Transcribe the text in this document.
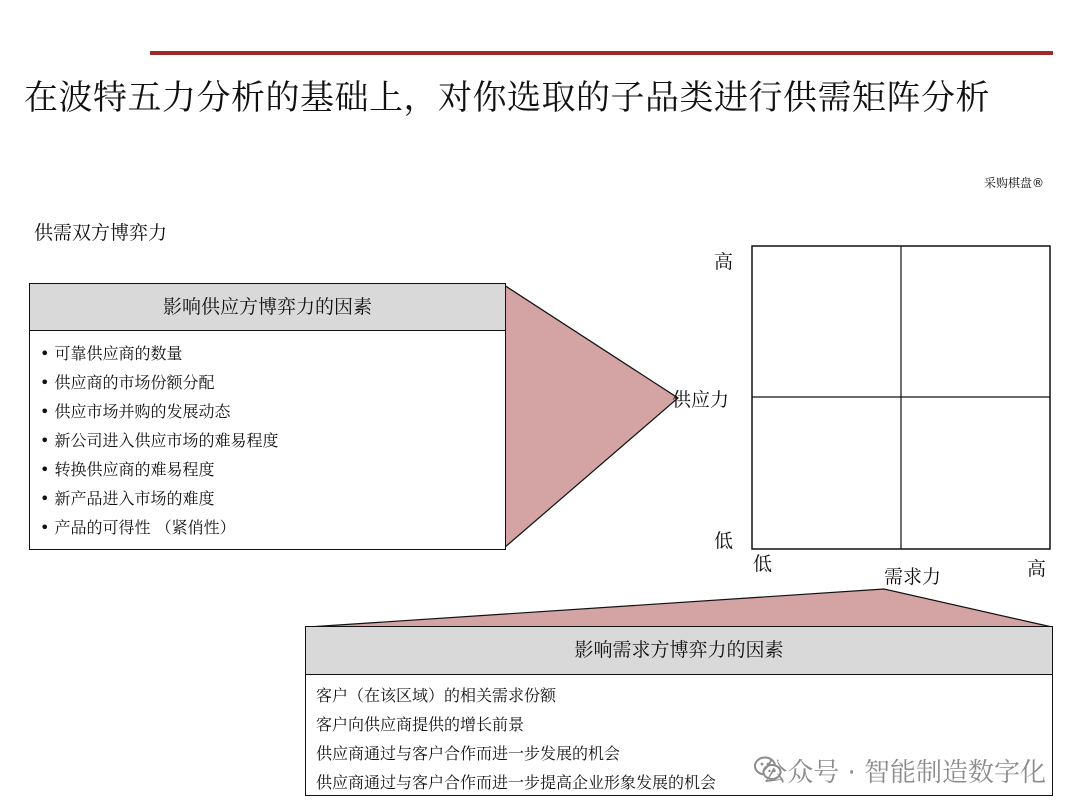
在波特五力分析的基础上，对你选取的子品类进行供需矩阵分析
采购棋盘®
供需双方博弈力
影响供应方博弈力的因素
• 可靠供应商的数量
• 供应商的市场份额分配
• 供应市场并购的发展动态
• 新公司进入供应市场的难易程度
• 转换供应商的难易程度
• 新产品进入市场的难度
• 产品的可得性 （紧俏性）
高
供应力
低
低
需求力	高
影响需求方博弈力的因素
客户（在该区域）的相关需求份额
客户向供应商提供的增长前景
供应商通过与客户合作而进一步发展的机会
供应商通过与客户合作而进一步提高企业形象发展的机会	公众号 · 智能制造数字化
